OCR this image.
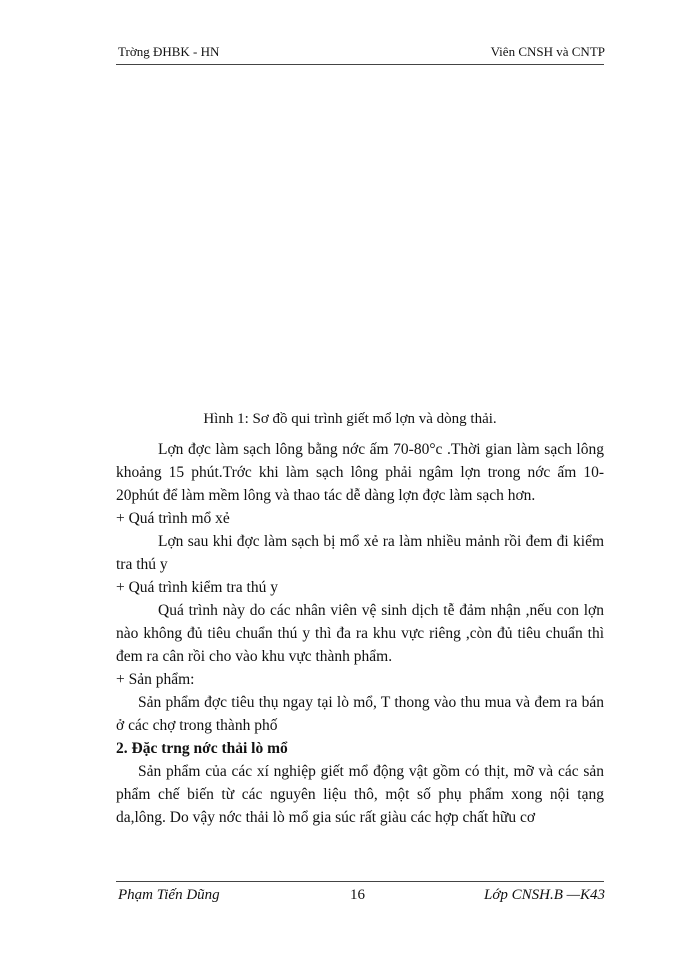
Trờng ĐHBK - HN	Viên CNSH và CNTP
Hình 1: Sơ đồ qui trình giết mổ lợn và dòng thải.

Lợn đợc làm sạch lông bằng nớc ấm 70-80°c .Thời gian làm sạch lông khoảng 15 phút.Trớc khi làm sạch lông phải ngâm lợn trong nớc ấm 10-20phút để làm mềm lông và thao tác dễ dàng lợn đợc làm sạch hơn.

+ Quá trình mổ xẻ

Lợn sau khi đợc làm sạch bị mổ xẻ ra làm nhiều mảnh rồi đem đi kiểm tra thú y

+ Quá trình kiểm tra thú y

Quá trình này do các nhân viên vệ sinh dịch tễ đảm nhận ,nếu con lợn nào không đủ tiêu chuẩn thú y thì đa ra khu vực riêng ,còn đủ tiêu chuẩn thì đem ra cân rồi cho vào khu vực thành phẩm.

+ Sản phẩm:

Sản phẩm đợc tiêu thụ ngay tại lò mổ, T thong vào thu mua và đem ra bán ở các chợ trong thành phố

2. Đặc trng nớc thải lò mổ

Sản phẩm của các xí nghiệp giết mổ động vật gồm có thịt, mỡ và các sản phẩm chế biến từ các nguyên liệu thô, một số phụ phẩm xong nội tạng da,lông. Do vậy nớc thải lò mổ gia súc rất giàu các hợp chất hữu cơ

Phạm Tiến Dũng	16	Lớp CNSH.B —K43
